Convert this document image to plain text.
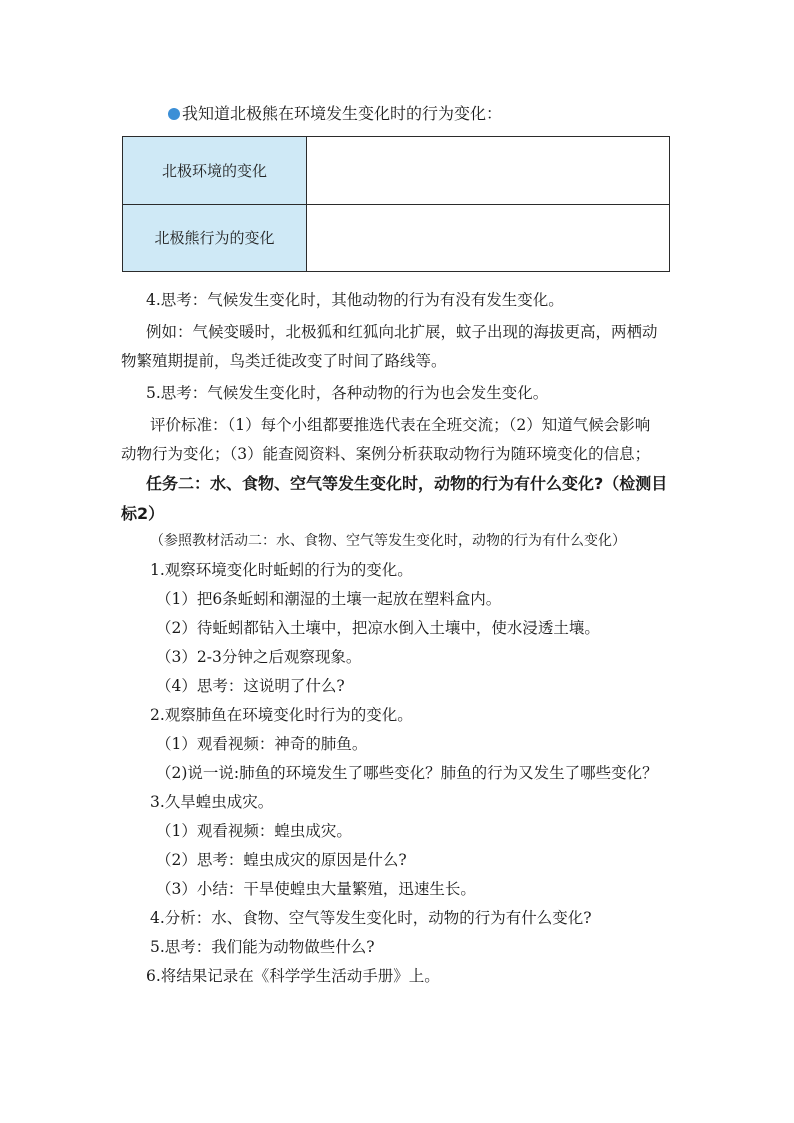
我知道北极熊在环境发生变化时的行为变化：
北极环境的变化	
北极熊行为的变化	
4.思考：气候发生变化时，其他动物的行为有没有发生变化。
例如：气候变暖时，北极狐和红狐向北扩展，蚊子出现的海拔更高，两栖动
物繁殖期提前，鸟类迁徙改变了时间了路线等。
5.思考：气候发生变化时，各种动物的行为也会发生变化。
评价标准：（1）每个小组都要推选代表在全班交流；（2）知道气候会影响
动物行为变化；（3）能查阅资料、案例分析获取动物行为随环境变化的信息；
任务二：水、食物、空气等发生变化时，动物的行为有什么变化?（检测目
标2）
（参照教材活动二：水、食物、空气等发生变化时，动物的行为有什么变化）
1.观察环境变化时蚯蚓的行为的变化。
（1）把6条蚯蚓和潮湿的土壤一起放在塑料盒内。
（2）待蚯蚓都钻入土壤中，把凉水倒入土壤中，使水浸透土壤。
（3）2-3分钟之后观察现象。
（4）思考：这说明了什么?
2.观察肺鱼在环境变化时行为的变化。
（1）观看视频：神奇的肺鱼。
（2)说一说:肺鱼的环境发生了哪些变化？肺鱼的行为又发生了哪些变化？
3.久旱蝗虫成灾。
（1）观看视频：蝗虫成灾。
（2）思考：蝗虫成灾的原因是什么?
（3）小结：干旱使蝗虫大量繁殖，迅速生长。
4.分析：水、食物、空气等发生变化时，动物的行为有什么变化?
5.思考：我们能为动物做些什么?
6.将结果记录在《科学学生活动手册》上。
